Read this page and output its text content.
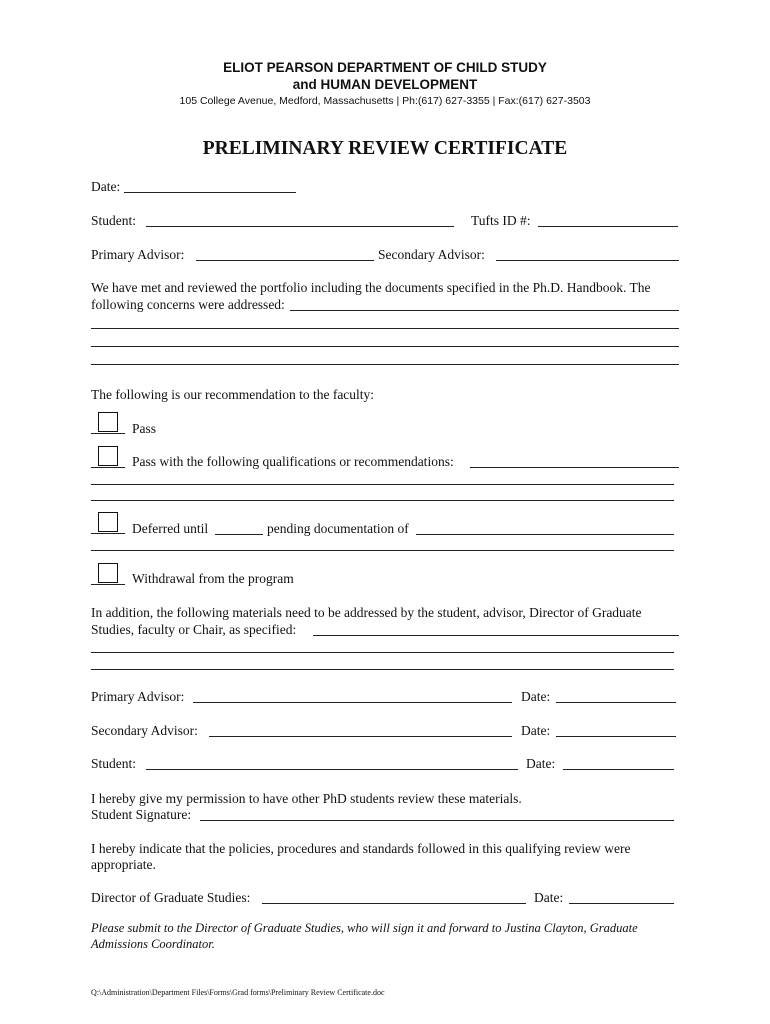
ELIOT PEARSON DEPARTMENT OF CHILD STUDY
and HUMAN DEVELOPMENT
105 College Avenue, Medford, Massachusetts | Ph:(617) 627-3355 | Fax:(617) 627-3503
PRELIMINARY REVIEW CERTIFICATE
Date:
Student:	Tufts ID #:
Primary Advisor:	Secondary Advisor:
We have met and reviewed the portfolio including the documents specified in the Ph.D. Handbook. The
following concerns were addressed:
The following is our recommendation to the faculty:
Pass
Pass with the following qualifications or recommendations:
Deferred until	pending documentation of
Withdrawal from the program
In addition, the following materials need to be addressed by the student, advisor, Director of Graduate
Studies, faculty or Chair, as specified:
Primary Advisor:	Date:
Secondary Advisor:	Date:
Student:	Date:
I hereby give my permission to have other PhD students review these materials.
Student Signature:
I hereby indicate that the policies, procedures and standards followed in this qualifying review were
appropriate.
Director of Graduate Studies:	Date:
Please submit to the Director of Graduate Studies, who will sign it and forward to Justina Clayton, Graduate
Admissions Coordinator.
Q:\Administration\Department Files\Forms\Grad forms\Preliminary Review Certificate.doc
